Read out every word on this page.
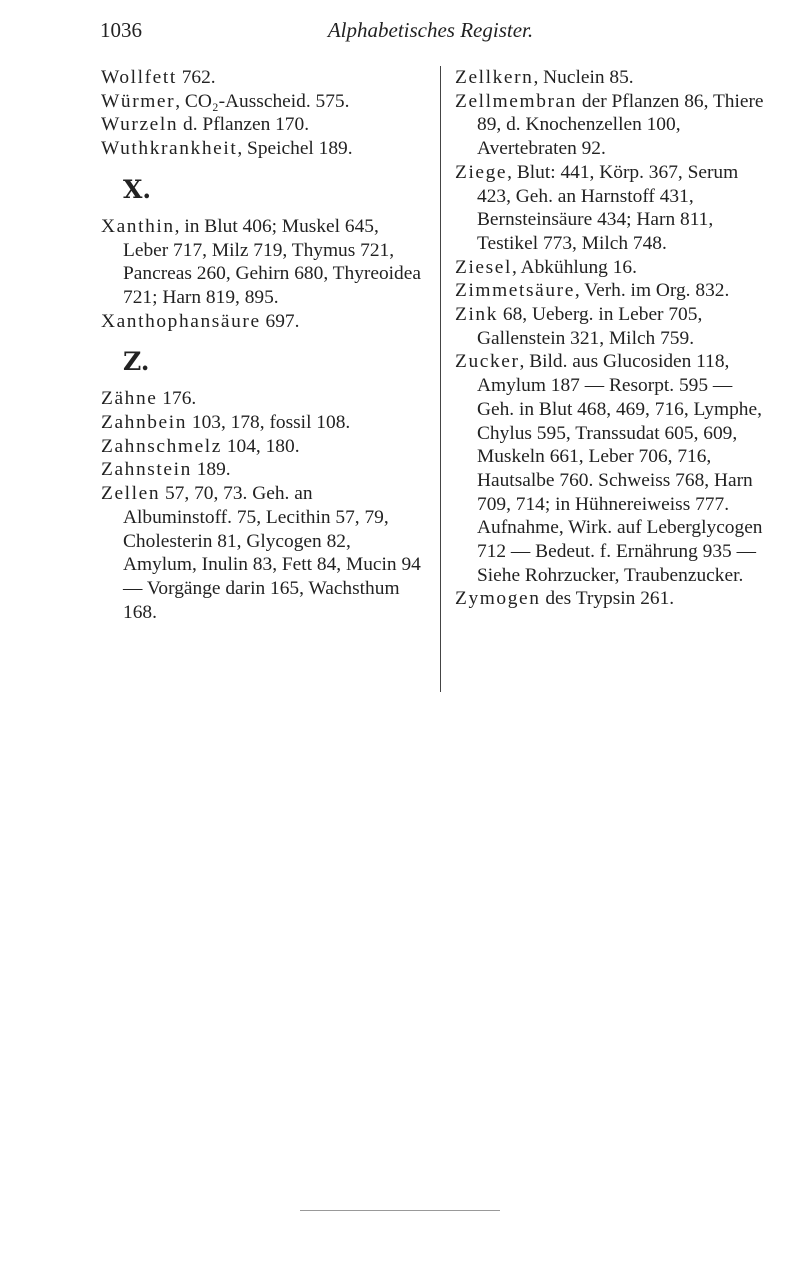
1036	Alphabetisches Register.
Wollfett 762.
Würmer, CO₂-Ausscheid. 575.
Wurzeln d. Pflanzen 170.
Wuthkrankheit, Speichel 189.
X.
Xanthin, in Blut 406; Muskel 645, Leber 717, Milz 719, Thymus 721, Pancreas 260, Gehirn 680, Thyreoidea 721; Harn 819, 895.
Xanthophansäure 697.
Z.
Zähne 176.
Zahnbein 103, 178, fossil 108.
Zahnschmelz 104, 180.
Zahnstein 189.
Zellen 57, 70, 73. Geh. an Albuminstoff. 75, Lecithin 57, 79, Cholesterin 81, Glycogen 82, Amylum, Inulin 83, Fett 84, Mucin 94 — Vorgänge darin 165, Wachsthum 168.
Zellkern, Nuclein 85.
Zellmembran der Pflanzen 86, Thiere 89, d. Knochenzellen 100, Avertebraten 92.
Ziege, Blut: 441, Körp. 367, Serum 423, Geh. an Harnstoff 431, Bernsteinsäure 434; Harn 811, Testikel 773, Milch 748.
Ziesel, Abkühlung 16.
Zimmetsäure, Verh. im Org. 832.
Zink 68, Ueberg. in Leber 705, Gallenstein 321, Milch 759.
Zucker, Bild. aus Glucosiden 118, Amylum 187 — Resorpt. 595 — Geh. in Blut 468, 469, 716, Lymphe, Chylus 595, Transsudat 605, 609, Muskeln 661, Leber 706, 716, Hautsalbe 760. Schweiss 768, Harn 709, 714; in Hühnereiweiss 777. Aufnahme, Wirk. auf Leberglycogen 712 — Bedeut. f. Ernährung 935 — Siehe Rohrzucker, Traubenzucker.
Zymogen des Trypsin 261.
